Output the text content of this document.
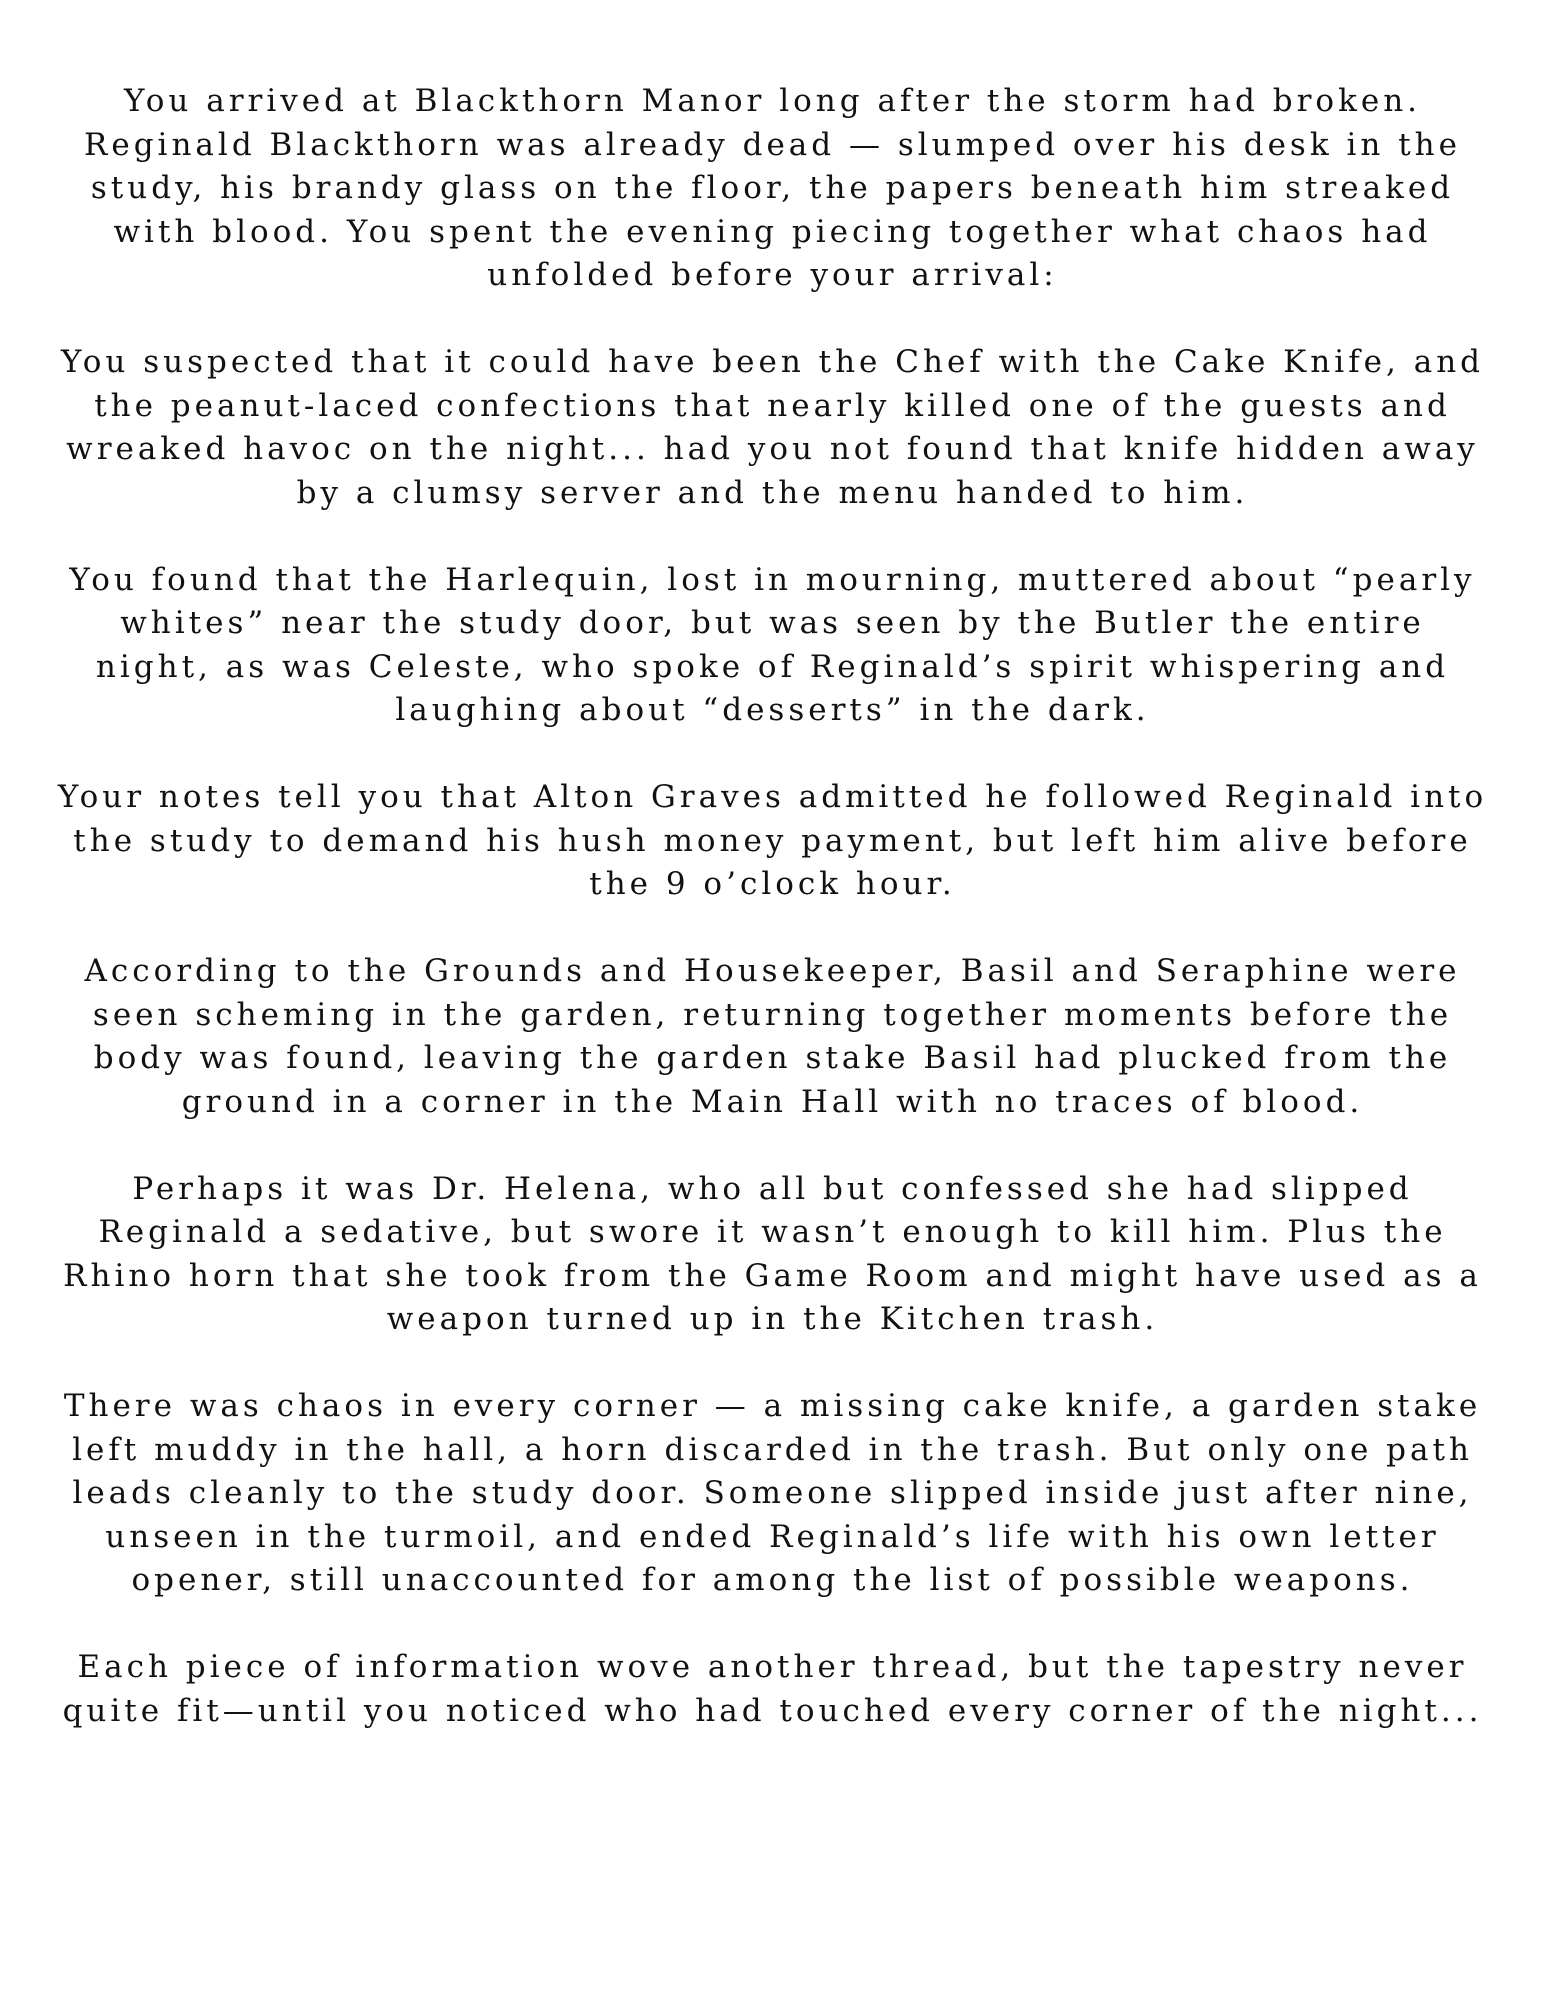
You arrived at Blackthorn Manor long after the storm had broken. Reginald Blackthorn was already dead — slumped over his desk in the study, his brandy glass on the floor, the papers beneath him streaked with blood. You spent the evening piecing together what chaos had unfolded before your arrival:

You suspected that it could have been the Chef with the Cake Knife, and the peanut-laced confections that nearly killed one of the guests and wreaked havoc on the night... had you not found that knife hidden away by a clumsy server and the menu handed to him.

You found that the Harlequin, lost in mourning, muttered about “pearly whites” near the study door, but was seen by the Butler the entire night, as was Celeste, who spoke of Reginald’s spirit whispering and laughing about “desserts” in the dark.

Your notes tell you that Alton Graves admitted he followed Reginald into the study to demand his hush money payment, but left him alive before the 9 o’clock hour.

According to the Grounds and Housekeeper, Basil and Seraphine were seen scheming in the garden, returning together moments before the body was found, leaving the garden stake Basil had plucked from the ground in a corner in the Main Hall with no traces of blood.

Perhaps it was Dr. Helena, who all but confessed she had slipped Reginald a sedative, but swore it wasn’t enough to kill him. Plus the Rhino horn that she took from the Game Room and might have used as a weapon turned up in the Kitchen trash.

There was chaos in every corner — a missing cake knife, a garden stake left muddy in the hall, a horn discarded in the trash. But only one path leads cleanly to the study door. Someone slipped inside just after nine, unseen in the turmoil, and ended Reginald’s life with his own letter opener, still unaccounted for among the list of possible weapons.

Each piece of information wove another thread, but the tapestry never quite fit—until you noticed who had touched every corner of the night...
